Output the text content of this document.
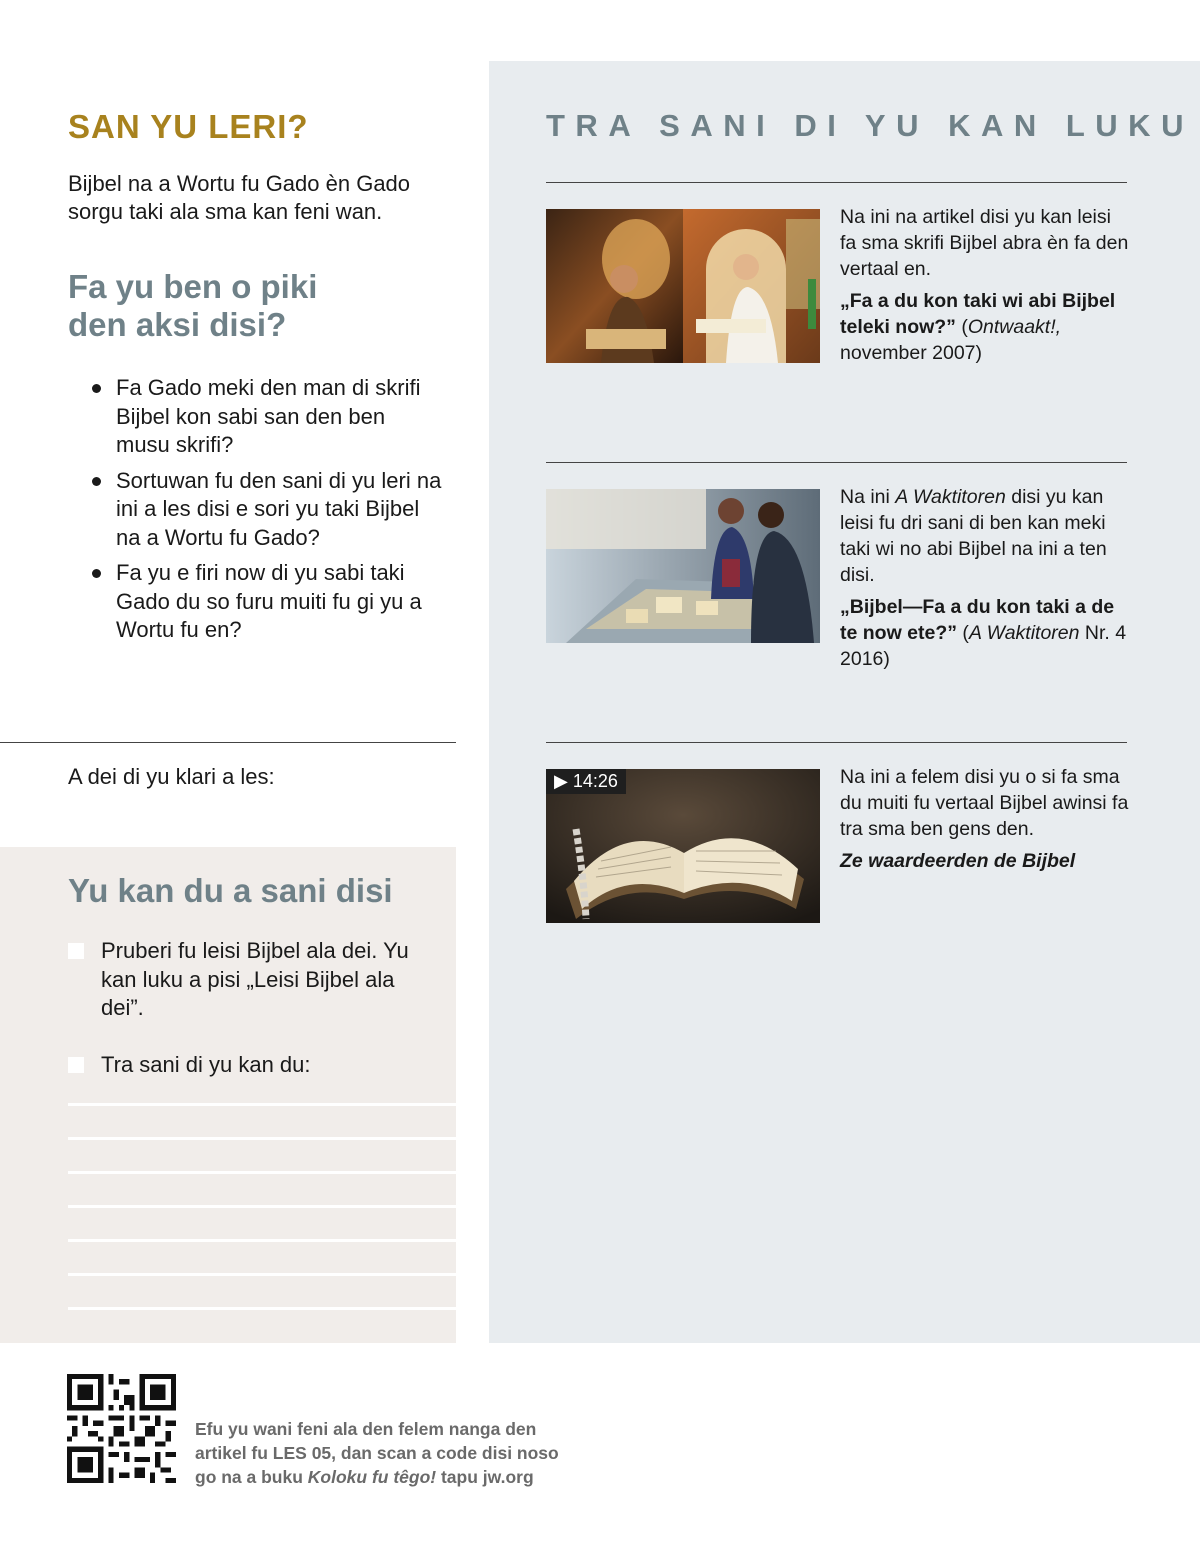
SAN YU LERI?
Bijbel na a Wortu fu Gado èn Gado sorgu taki ala sma kan feni wan.
Fa yu ben o piki
den aksi disi?
Fa Gado meki den man di skrifi Bijbel kon sabi san den ben musu skrifi?
Sortuwan fu den sani di yu leri na ini a les disi e sori yu taki Bijbel na a Wortu fu Gado?
Fa yu e firi now di yu sabi taki Gado du so furu muiti fu gi yu a Wortu fu en?
A dei di yu klari a les:
Yu kan du a sani disi
Pruberi fu leisi Bijbel ala dei. Yu kan luku a pisi „Leisi Bijbel ala dei”.
Tra sani di yu kan du:
TRA SANI DI YU KAN LUKU

Na ini na artikel disi yu kan leisi fa sma skrifi Bijbel abra èn fa den vertaal en.

„Fa a du kon taki wi abi Bijbel teleki now?” (Ontwaakt!, november 2007)

Na ini A Waktitoren disi yu kan leisi fu dri sani di ben kan meki taki wi no abi Bijbel na ini a ten disi.

„Bijbel—Fa a du kon taki a de te now ete?” (A Waktitoren Nr. 4 2016)

▶ 14:26	Na ini a felem disi yu o si fa sma du muiti fu vertaal Bijbel awinsi fa tra sma ben gens den.

Ze waardeerden de Bijbel

Efu yu wani feni ala den felem nanga den artikel fu LES 05, dan scan a code disi noso go na a buku Koloku fu têgo! tapu jw.org
